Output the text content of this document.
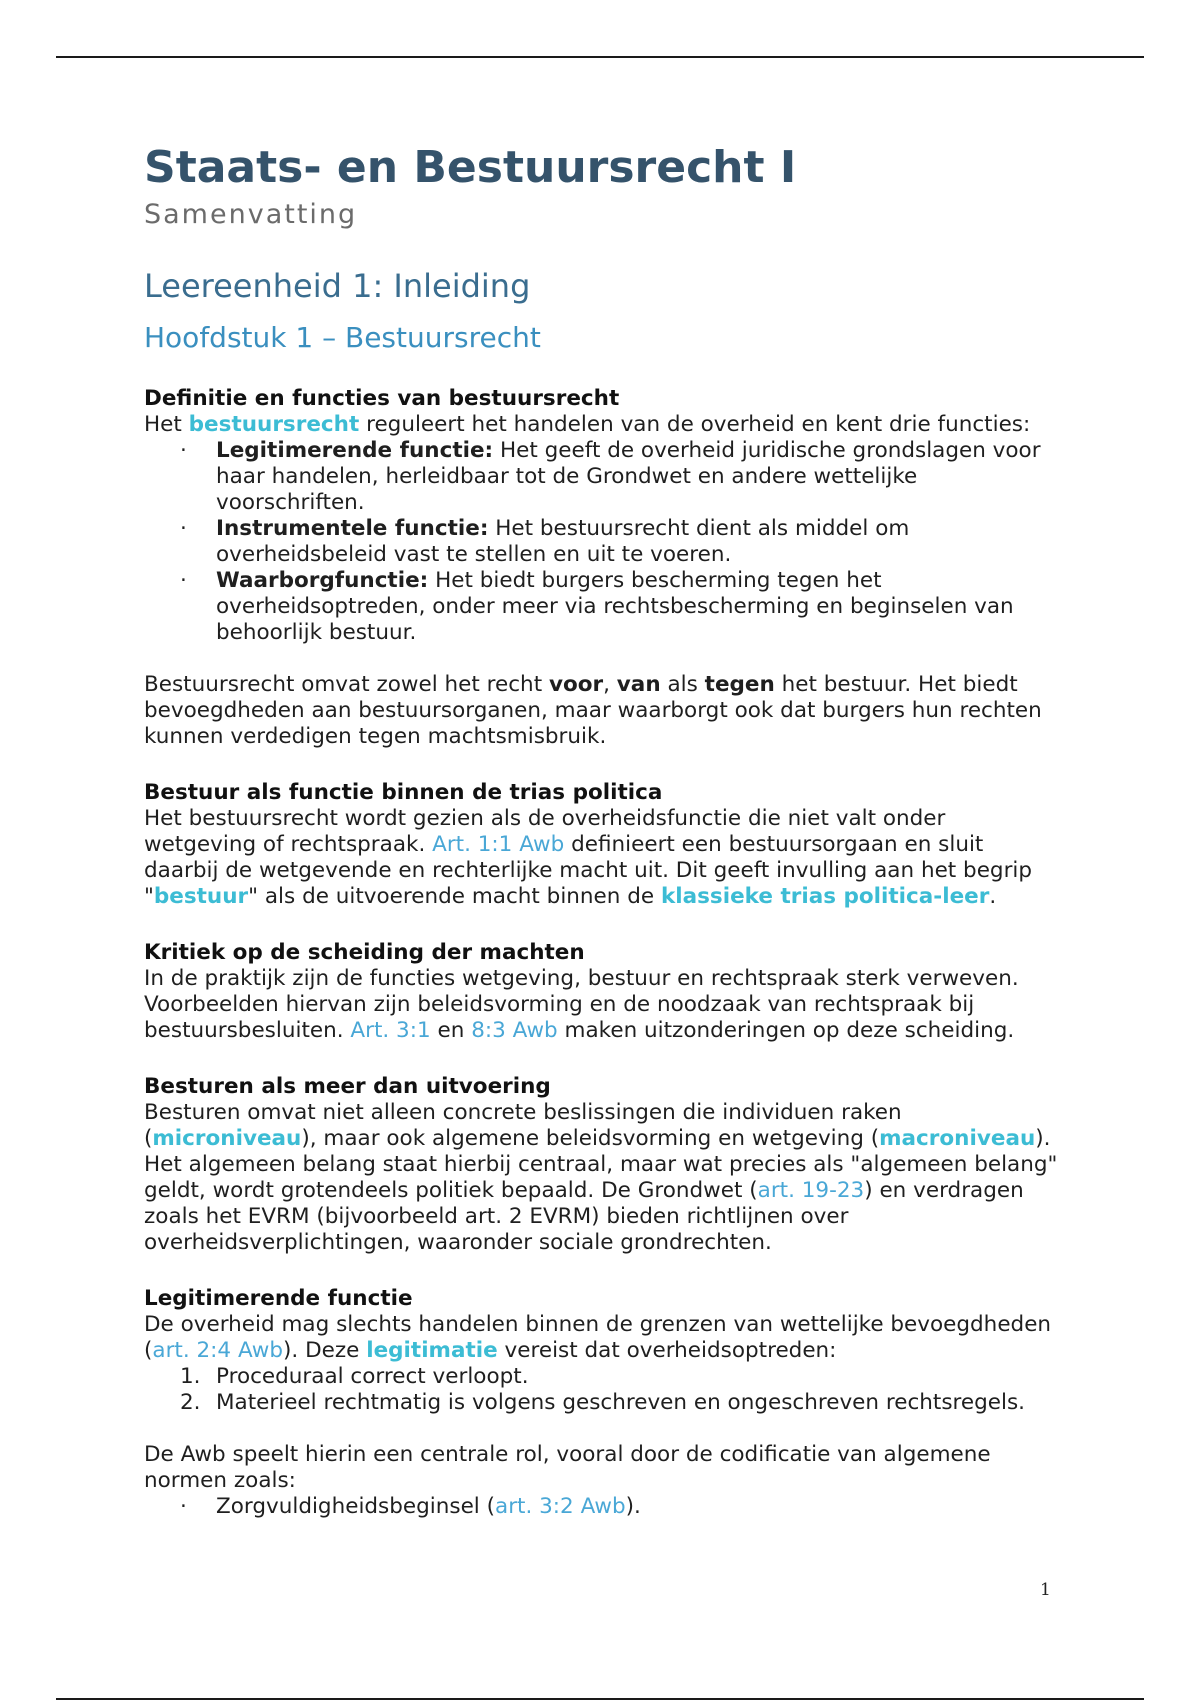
Staats- en Bestuursrecht I
Samenvatting
Leereenheid 1: Inleiding
Hoofdstuk 1 – Bestuursrecht
Definitie en functies van bestuursrecht

Het bestuursrecht reguleert het handelen van de overheid en kent drie functies:

· Legitimerende functie: Het geeft de overheid juridische grondslagen voor haar handelen, herleidbaar tot de Grondwet en andere wettelijke voorschriften.
· Instrumentele functie: Het bestuursrecht dient als middel om overheidsbeleid vast te stellen en uit te voeren.
· Waarborgfunctie: Het biedt burgers bescherming tegen het overheidsoptreden, onder meer via rechtsbescherming en beginselen van behoorlijk bestuur.

Bestuursrecht omvat zowel het recht voor, van als tegen het bestuur. Het biedt bevoegdheden aan bestuursorganen, maar waarborgt ook dat burgers hun rechten kunnen verdedigen tegen machtsmisbruik.

Bestuur als functie binnen de trias politica

Het bestuursrecht wordt gezien als de overheidsfunctie die niet valt onder wetgeving of rechtspraak. Art. 1:1 Awb definieert een bestuursorgaan en sluit daarbij de wetgevende en rechterlijke macht uit. Dit geeft invulling aan het begrip "bestuur" als de uitvoerende macht binnen de klassieke trias politica-leer.

Kritiek op de scheiding der machten

In de praktijk zijn de functies wetgeving, bestuur en rechtspraak sterk verweven. Voorbeelden hiervan zijn beleidsvorming en de noodzaak van rechtspraak bij bestuursbesluiten. Art. 3:1 en 8:3 Awb maken uitzonderingen op deze scheiding.

Besturen als meer dan uitvoering

Besturen omvat niet alleen concrete beslissingen die individuen raken (microniveau), maar ook algemene beleidsvorming en wetgeving (macroniveau). Het algemeen belang staat hierbij centraal, maar wat precies als "algemeen belang" geldt, wordt grotendeels politiek bepaald. De Grondwet (art. 19-23) en verdragen zoals het EVRM (bijvoorbeeld art. 2 EVRM) bieden richtlijnen over overheidsverplichtingen, waaronder sociale grondrechten.

Legitimerende functie

De overheid mag slechts handelen binnen de grenzen van wettelijke bevoegdheden (art. 2:4 Awb). Deze legitimatie vereist dat overheidsoptreden:

1. Proceduraal correct verloopt.
2. Materieel rechtmatig is volgens geschreven en ongeschreven rechtsregels.

De Awb speelt hierin een centrale rol, vooral door de codificatie van algemene normen zoals:

· Zorgvuldigheidsbeginsel (art. 3:2 Awb).
1
